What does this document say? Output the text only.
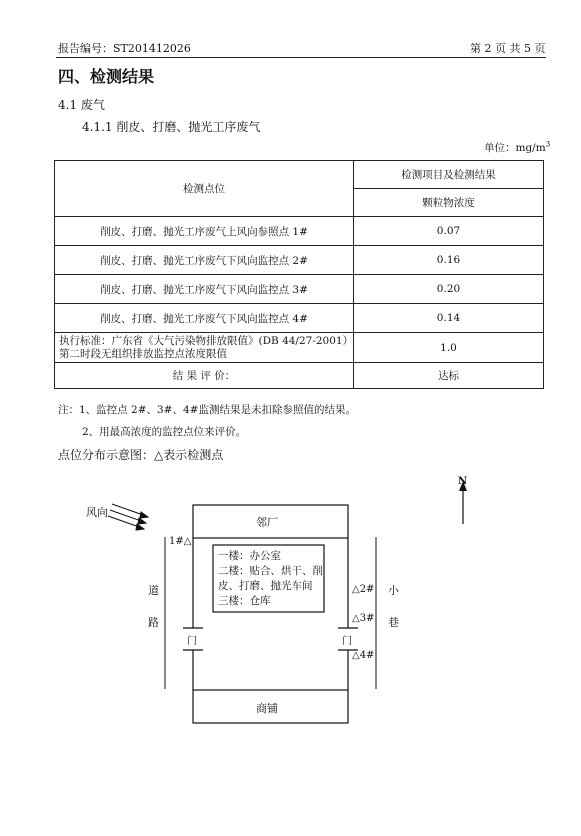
报告编号：ST201412026	第 2 页 共 5 页
四、检测结果
4.1 废气
4.1.1 削皮、打磨、抛光工序废气
单位：$mg/m^3$
检测点位	检测项目及检测结果
	颗粒物浓度
削皮、打磨、抛光工序废气上风向参照点 1#	0.07
削皮、打磨、抛光工序废气下风向监控点 2#	0.16
削皮、打磨、抛光工序废气下风向监控点 3#	0.20
削皮、打磨、抛光工序废气下风向监控点 4#	0.14
执行标准：广东省《大气污染物排放限值》(DB 44/27-2001）第二时段无组织排放监控点浓度限值	1.0
结 果 评 价：	达标
注：1、监控点 2#、3#、4#监测结果是未扣除参照值的结果。
2、用最高浓度的监控点位来评价。
点位分布示意图：△表示检测点
N
风向
邻厂
商铺
道
路
小
巷
门	门
1#△
△2#
△3#
△4#
一楼：办公室
二楼：贴合、烘干、削
皮、打磨、抛光车间
三楼：仓库
